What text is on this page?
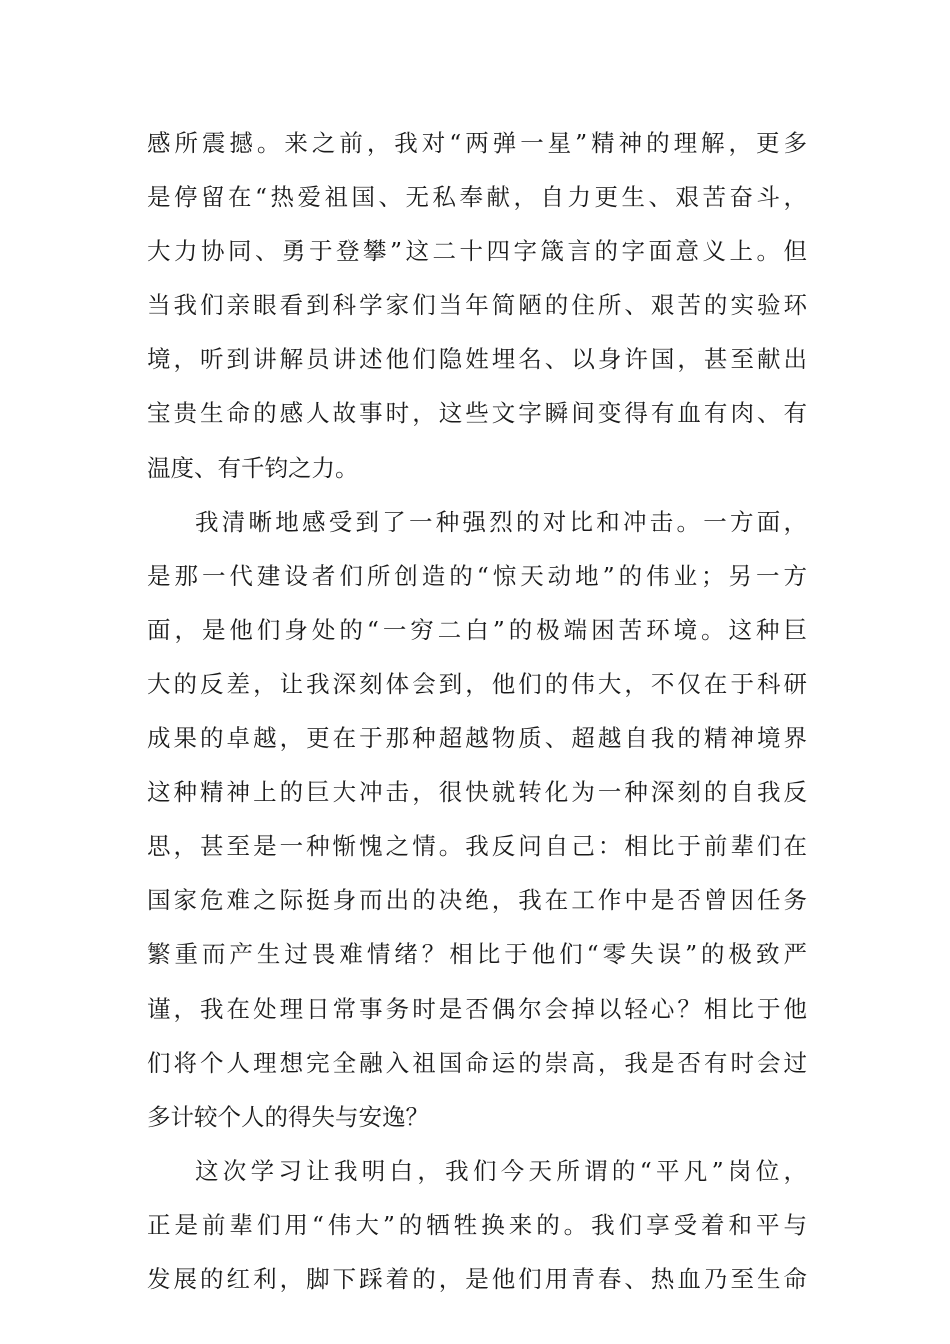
感所震撼。来之前，我对“两弹一星”精神的理解，更多
是停留在“热爱祖国、无私奉献，自力更生、艰苦奋斗，
大力协同、勇于登攀”这二十四字箴言的字面意义上。但
当我们亲眼看到科学家们当年简陋的住所、艰苦的实验环
境，听到讲解员讲述他们隐姓埋名、以身许国，甚至献出
宝贵生命的感人故事时，这些文字瞬间变得有血有肉、有
温度、有千钧之力。
我清晰地感受到了一种强烈的对比和冲击。一方面，
是那一代建设者们所创造的“惊天动地”的伟业；另一方
面，是他们身处的“一穷二白”的极端困苦环境。这种巨
大的反差，让我深刻体会到，他们的伟大，不仅在于科研
成果的卓越，更在于那种超越物质、超越自我的精神境界
这种精神上的巨大冲击，很快就转化为一种深刻的自我反
思，甚至是一种惭愧之情。我反问自己：相比于前辈们在
国家危难之际挺身而出的决绝，我在工作中是否曾因任务
繁重而产生过畏难情绪？相比于他们“零失误”的极致严
谨，我在处理日常事务时是否偶尔会掉以轻心？相比于他
们将个人理想完全融入祖国命运的崇高，我是否有时会过
多计较个人的得失与安逸？
这次学习让我明白，我们今天所谓的“平凡”岗位，
正是前辈们用“伟大”的牺牲换来的。我们享受着和平与
发展的红利，脚下踩着的，是他们用青春、热血乃至生命
